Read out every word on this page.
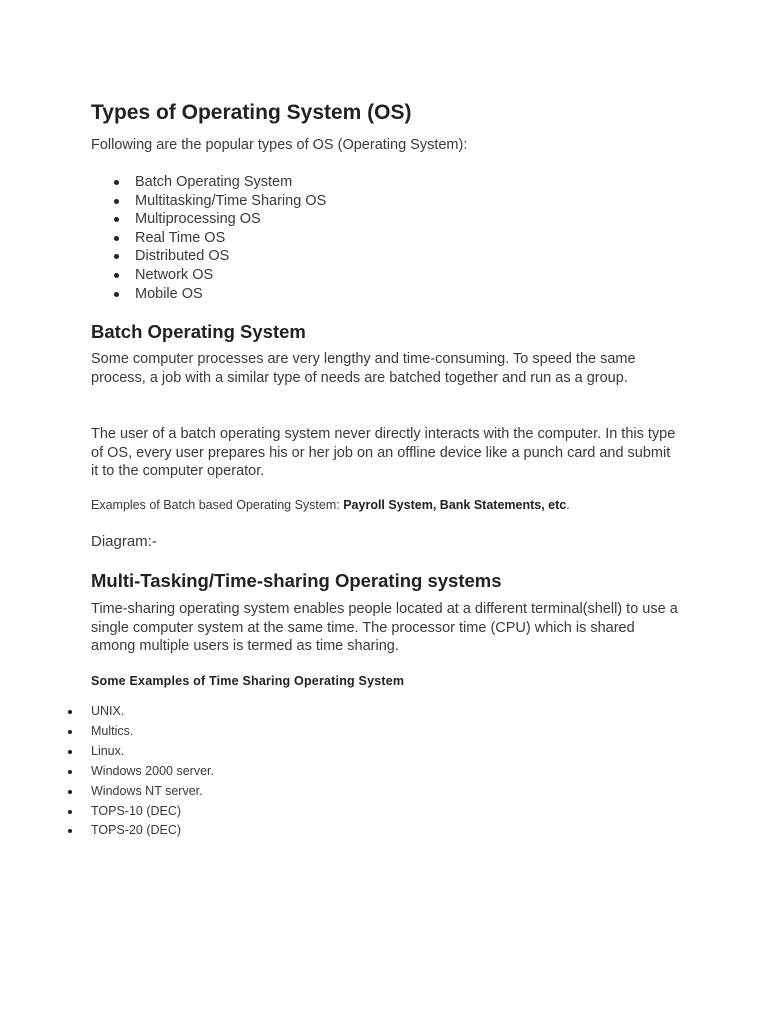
Types of Operating System (OS)

Following are the popular types of OS (Operating System):

Batch Operating System
Multitasking/Time Sharing OS
Multiprocessing OS
Real Time OS
Distributed OS
Network OS
Mobile OS
Batch Operating System

Some computer processes are very lengthy and time-consuming. To speed the same process, a job with a similar type of needs are batched together and run as a group.

The user of a batch operating system never directly interacts with the computer. In this type of OS, every user prepares his or her job on an offline device like a punch card and submit it to the computer operator.

Examples of Batch based Operating System: Payroll System, Bank Statements, etc.

Diagram:-

Multi-Tasking/Time-sharing Operating systems

Time-sharing operating system enables people located at a different terminal(shell) to use a single computer system at the same time. The processor time (CPU) which is shared among multiple users is termed as time sharing.

Some Examples of Time Sharing Operating System

UNIX.
Multics.
Linux.
Windows 2000 server.
Windows NT server.
TOPS-10 (DEC)
TOPS-20 (DEC)
